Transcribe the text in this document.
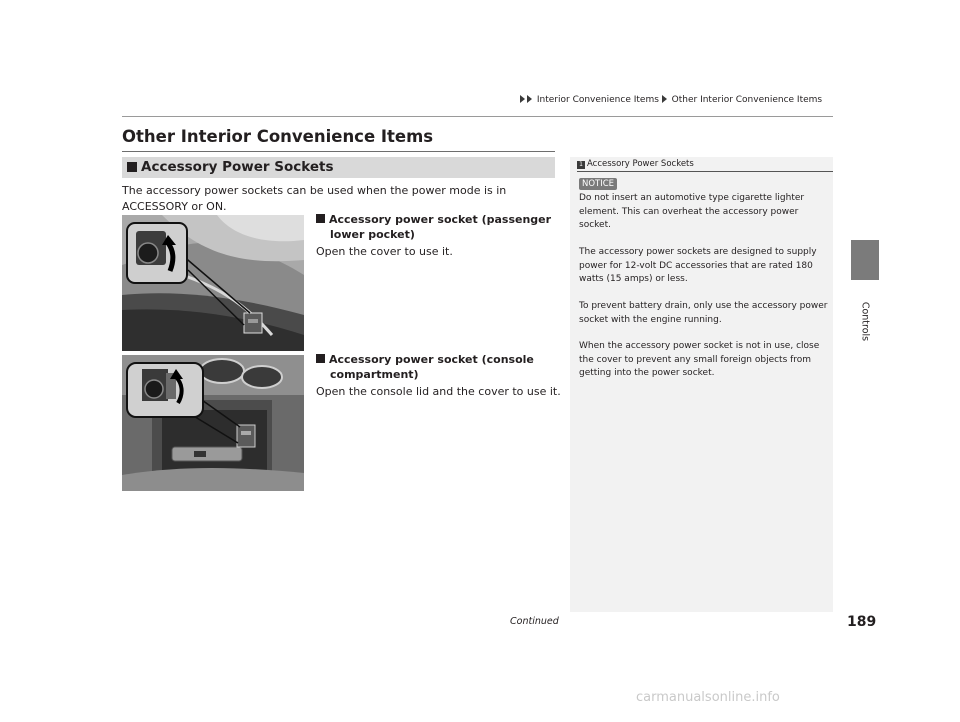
Interior Convenience Items Other Interior Convenience Items
Other Interior Convenience Items
Accessory Power Sockets
The accessory power sockets can be used when the power mode is in ACCESSORY or ON.
Accessory power socket (passenger
lower pocket)
Open the cover to use it.
Accessory power socket (console
compartment)
Open the console lid and the cover to use it.
1 Accessory Power Sockets
NOTICE
Do not insert an automotive type cigarette lighter element. This can overheat the accessory power socket.
The accessory power sockets are designed to supply power for 12-volt DC accessories that are rated 180 watts (15 amps) or less.
To prevent battery drain, only use the accessory power socket with the engine running.
When the accessory power socket is not in use, close the cover to prevent any small foreign objects from getting into the power socket.
Controls
Continued	189
carmanualsonline.info
